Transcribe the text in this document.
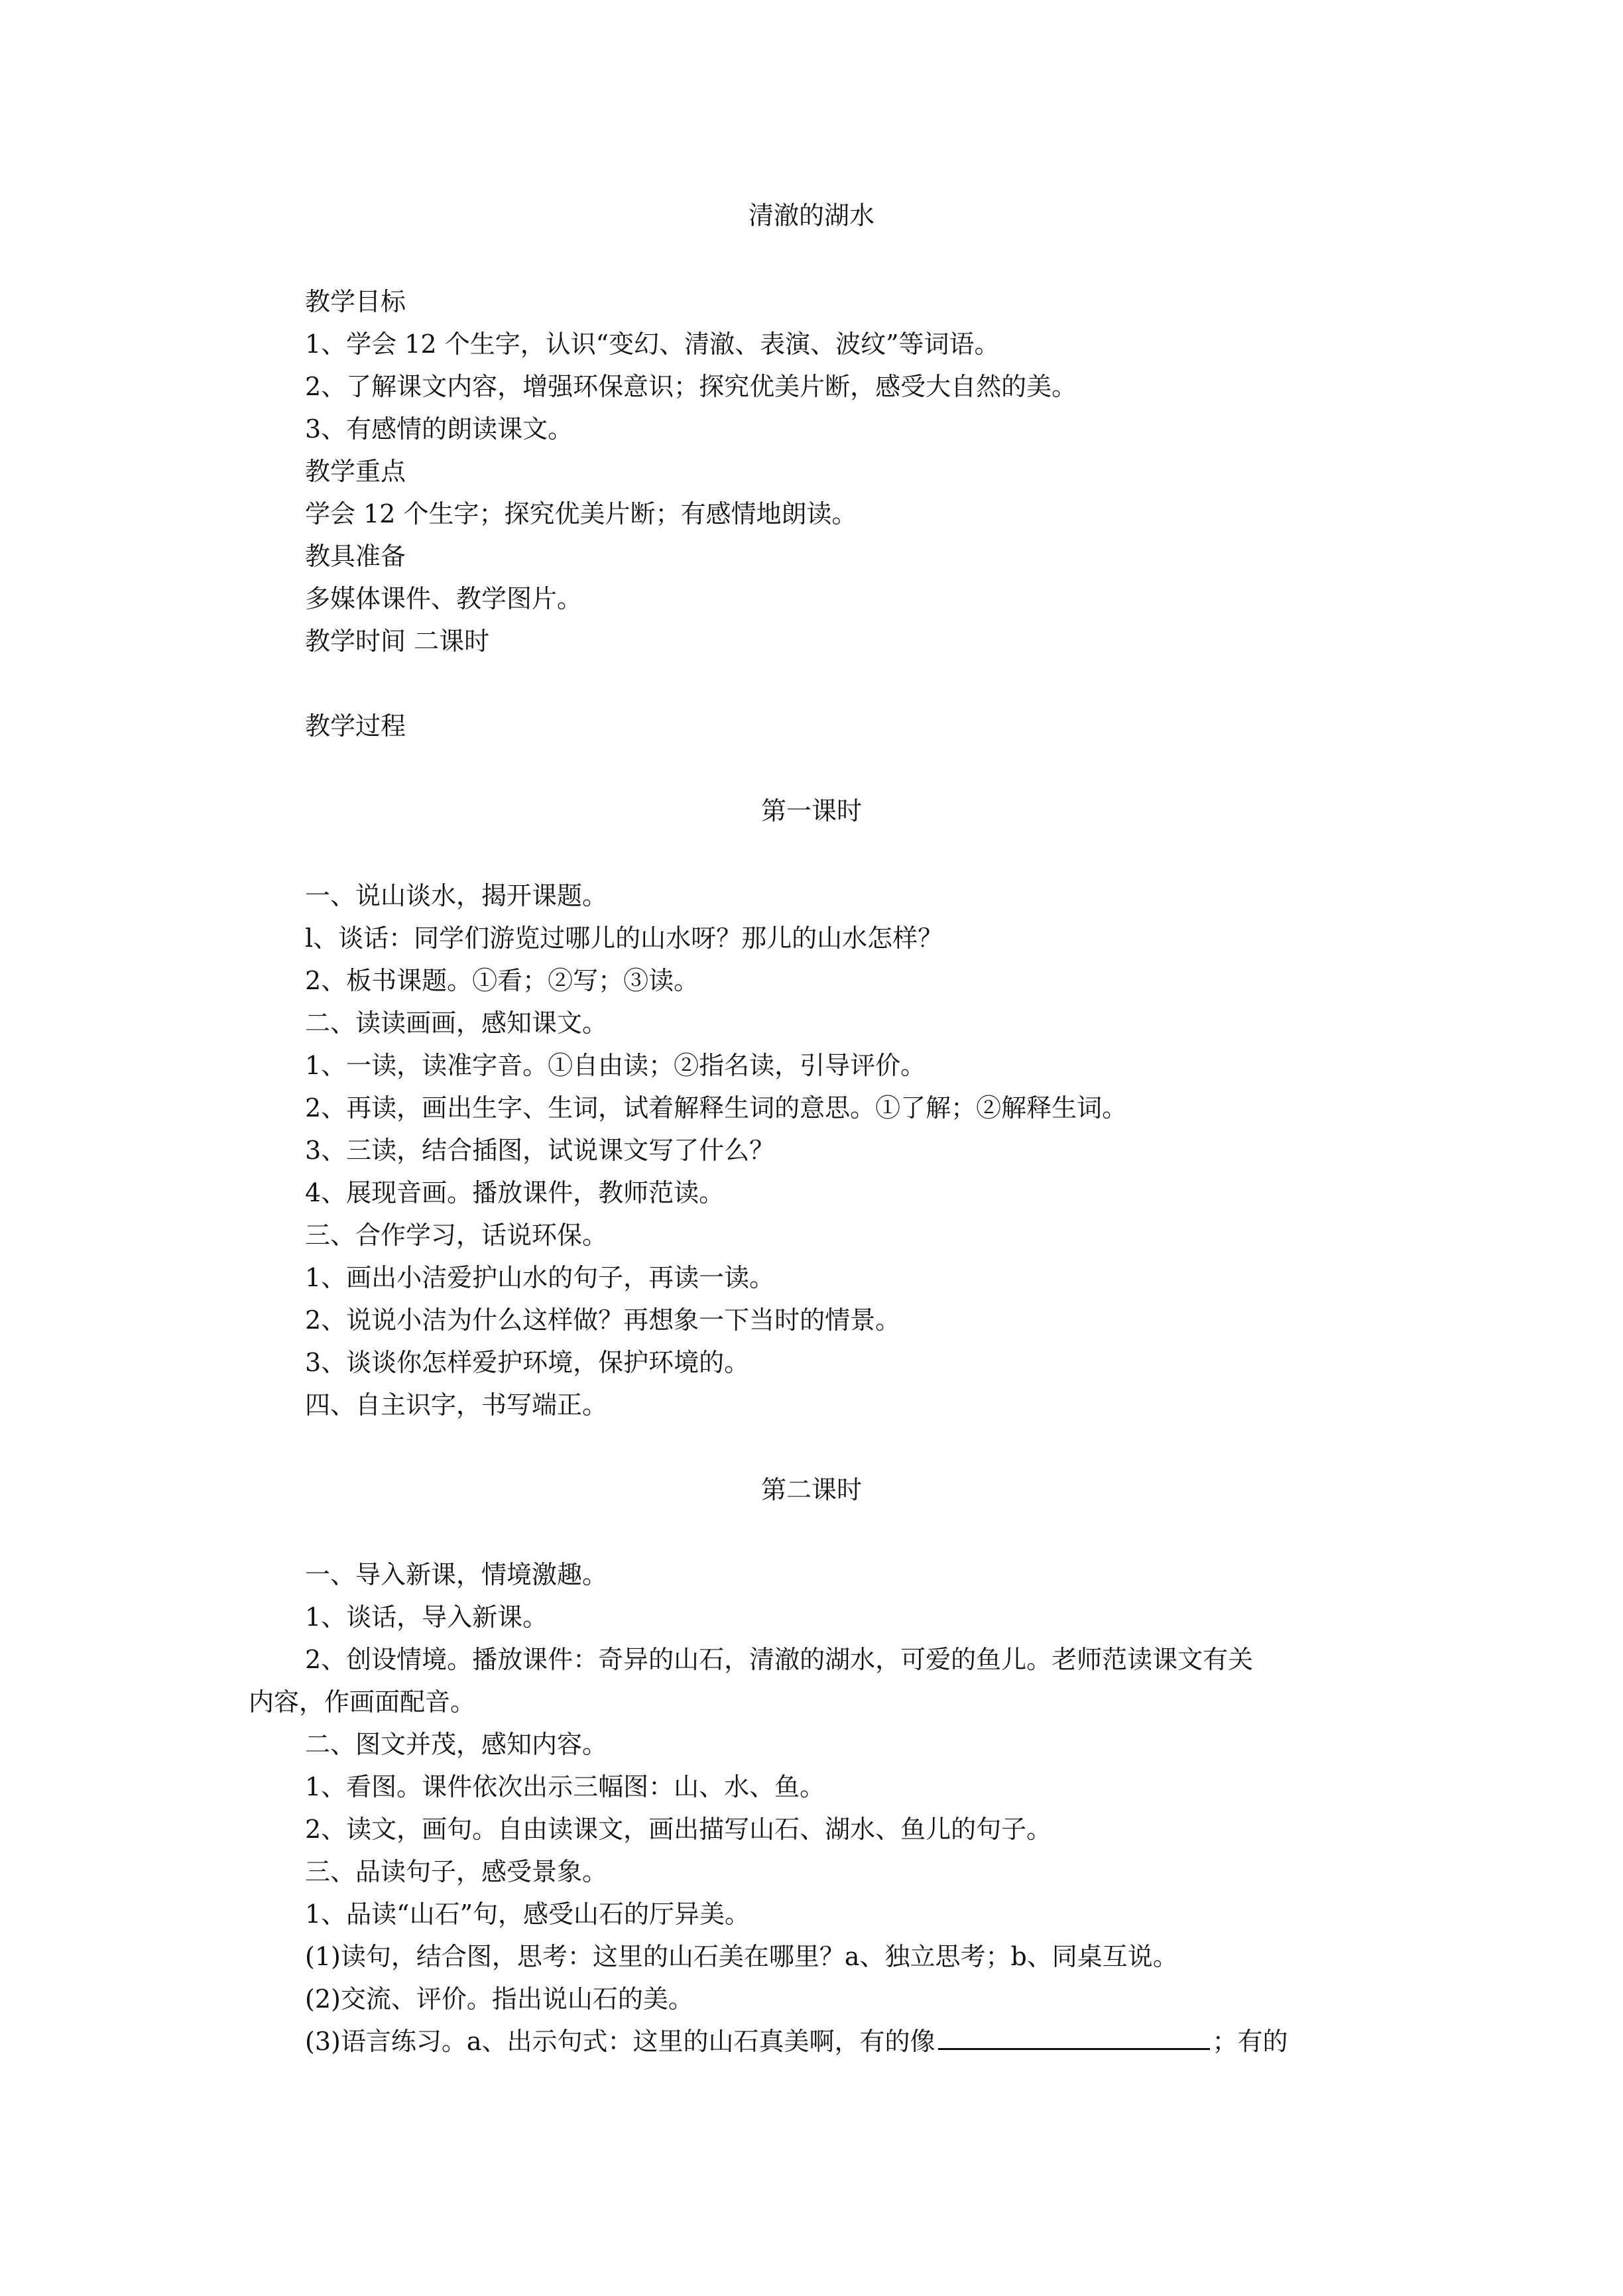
清澈的湖水
教学目标
1、学会 12 个生字，认识“变幻、清澈、表演、波纹”等词语。
2、了解课文内容，增强环保意识；探究优美片断，感受大自然的美。
3、有感情的朗读课文。
教学重点
学会 12 个生字；探究优美片断；有感情地朗读。
教具准备
多媒体课件、教学图片。
教学时间 二课时
教学过程
第一课时
一、说山谈水，揭开课题。
l、谈话：同学们游览过哪儿的山水呀？那儿的山水怎样？
2、板书课题。①看；②写；③读。
二、读读画画，感知课文。
1、一读，读准字音。①自由读；②指名读，引导评价。
2、再读，画出生字、生词，试着解释生词的意思。①了解；②解释生词。
3、三读，结合插图，试说课文写了什么？
4、展现音画。播放课件，教师范读。
三、合作学习，话说环保。
1、画出小洁爱护山水的句子，再读一读。
2、说说小洁为什么这样做？再想象一下当时的情景。
3、谈谈你怎样爱护环境，保护环境的。
四、自主识字，书写端正。
第二课时
一、导入新课，情境激趣。
1、谈话，导入新课。
2、创设情境。播放课件：奇异的山石，清澈的湖水，可爱的鱼儿。老师范读课文有关
内容，作画面配音。
二、图文并茂，感知内容。
1、看图。课件依次出示三幅图：山、水、鱼。
2、读文，画句。自由读课文，画出描写山石、湖水、鱼儿的句子。
三、品读句子，感受景象。
1、品读“山石”句，感受山石的厅异美。
(1)读句，结合图，思考：这里的山石美在哪里？a、独立思考；b、同桌互说。
(2)交流、评价。指出说山石的美。
(3)语言练习。a、出示句式：这里的山石真美啊，有的像	；有的
